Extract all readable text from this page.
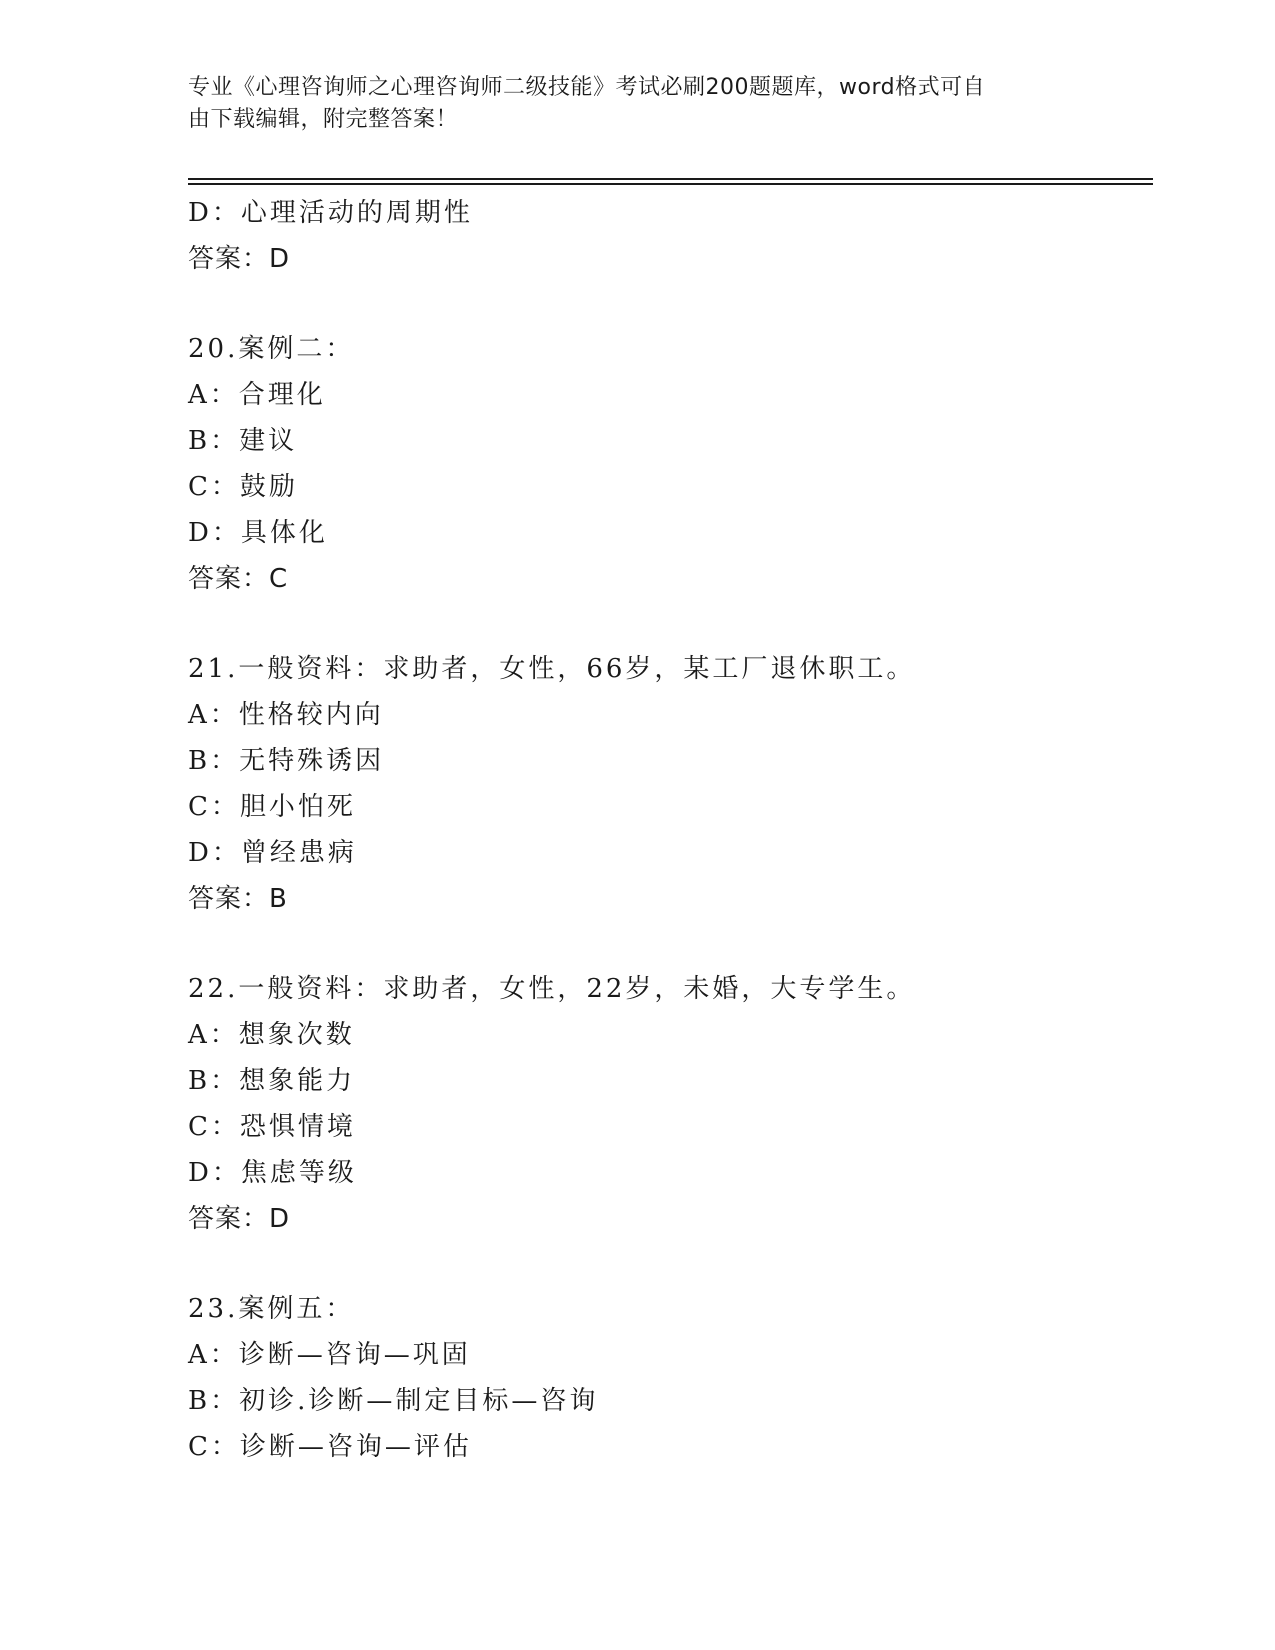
专业《心理咨询师之心理咨询师二级技能》考试必刷200题题库，word格式可自
由下载编辑，附完整答案！
D：心理活动的周期性
答案：D
20.案例二：
A：合理化
B：建议
C：鼓励
D：具体化
答案：C
21.一般资料：求助者，女性，66岁，某工厂退休职工。
A：性格较内向
B：无特殊诱因
C：胆小怕死
D：曾经患病
答案：B
22.一般资料：求助者，女性，22岁，未婚，大专学生。
A：想象次数
B：想象能力
C：恐惧情境
D：焦虑等级
答案：D
23.案例五：
A：诊断—咨询—巩固
B：初诊.诊断—制定目标—咨询
C：诊断—咨询—评估
